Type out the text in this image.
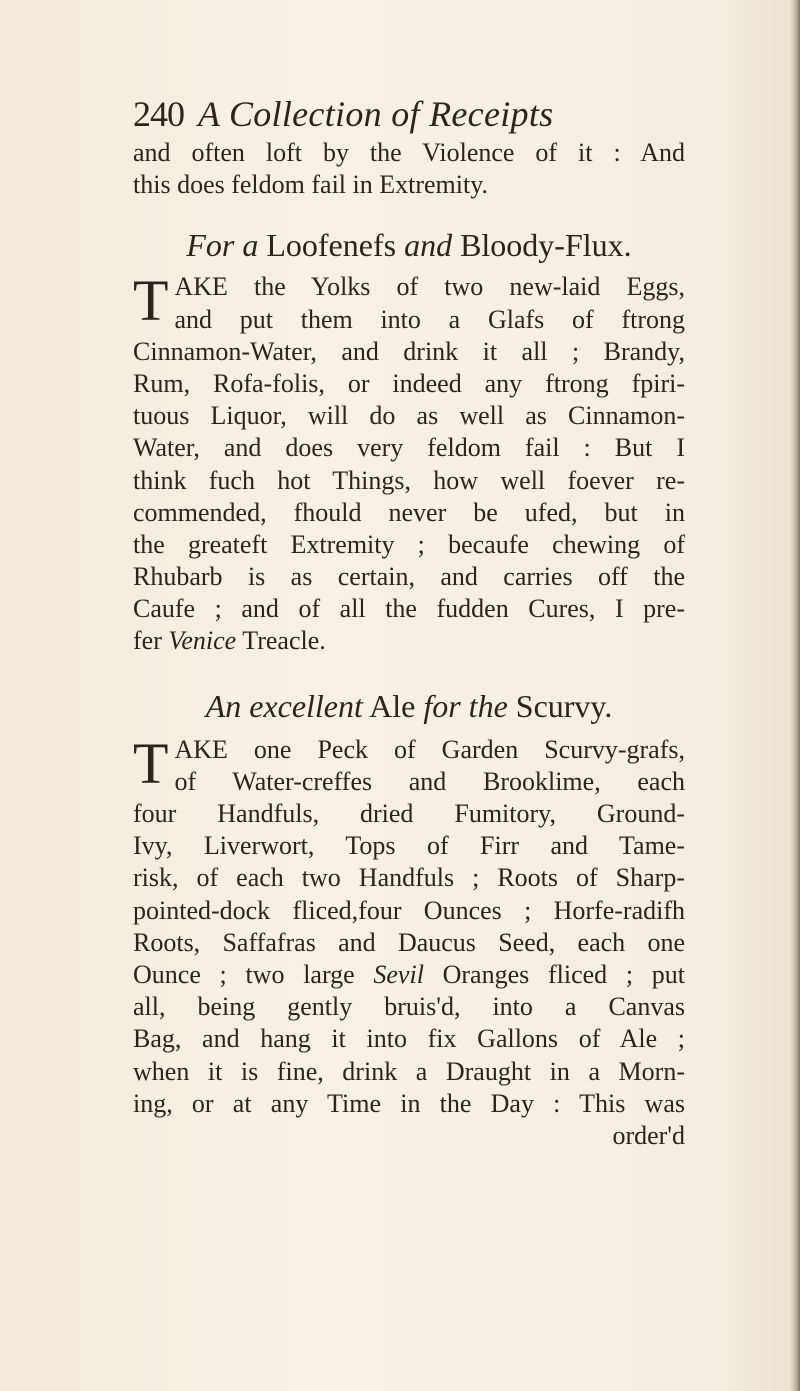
240 A Collection of Receipts
and often loft by the Violence of it : And
this does feldom fail in Extremity.
For a Loofenefs and Bloody-Flux.
T AKE the Yolks of two new-laid Eggs,
and put them into a Glafs of ftrong
Cinnamon-Water, and drink it all ; Brandy,
Rum, Rofa-folis, or indeed any ftrong fpiri-
tuous Liquor, will do as well as Cinnamon-
Water, and does very feldom fail : But I
think fuch hot Things, how well foever re-
commended, fhould never be ufed, but in
the greateft Extremity ; becaufe chewing of
Rhubarb is as certain, and carries off the
Caufe ; and of all the fudden Cures, I pre-
fer Venice Treacle.
An excellent Ale for the Scurvy.
T AKE one Peck of Garden Scurvy-grafs,
of Water-creffes and Brooklime, each
four Handfuls, dried Fumitory, Ground-
Ivy, Liverwort, Tops of Firr and Tame-
risk, of each two Handfuls ; Roots of Sharp-
pointed-dock fliced,four Ounces ; Horfe-radifh
Roots, Saffafras and Daucus Seed, each one
Ounce ; two large Sevil Oranges fliced ; put
all, being gently bruis'd, into a Canvas
Bag, and hang it into fix Gallons of Ale ;
when it is fine, drink a Draught in a Morn-
ing, or at any Time in the Day : This was
order'd
